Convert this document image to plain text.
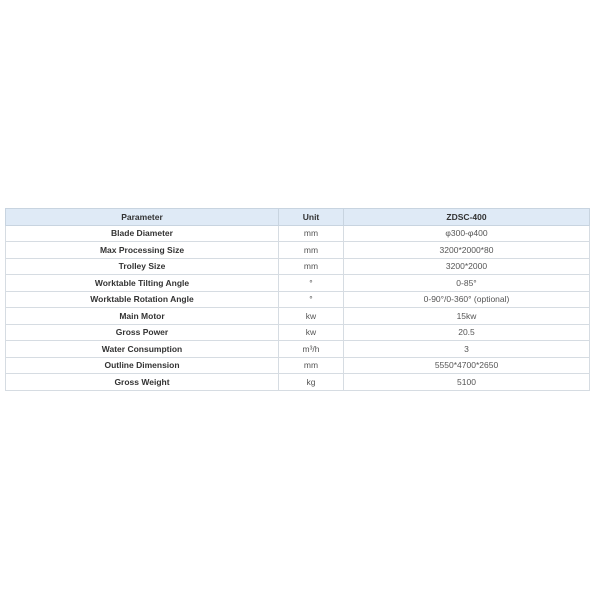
Parameter	Unit	ZDSC-400
Blade Diameter	mm	φ300-φ400
Max Processing Size	mm	3200*2000*80
Trolley Size	mm	3200*2000
Worktable Tilting Angle	°	0-85°
Worktable Rotation Angle	°	0-90°/0-360° (optional)
Main Motor	kw	15kw
Gross Power	kw	20.5
Water Consumption	m³/h	3
Outline Dimension	mm	5550*4700*2650
Gross Weight	kg	5100
